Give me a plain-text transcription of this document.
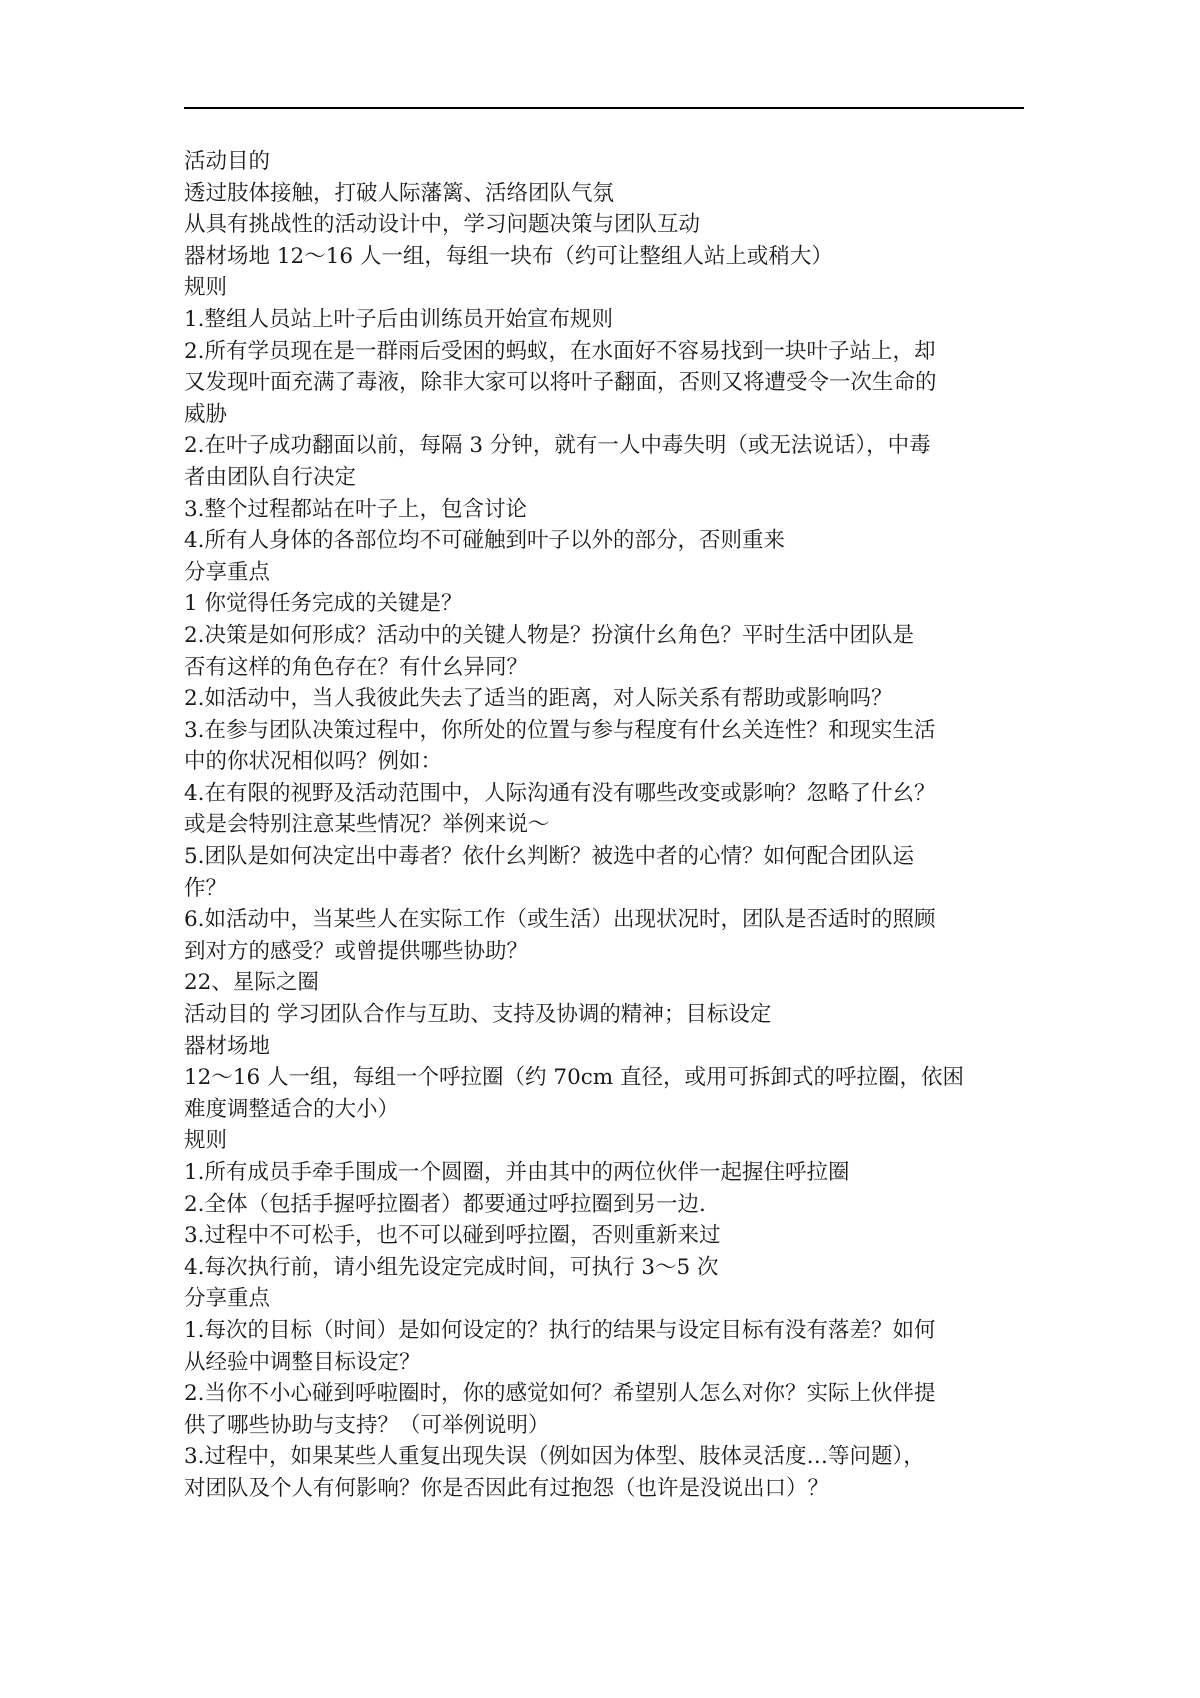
活动目的
透过肢体接触，打破人际藩篱、活络团队气氛
从具有挑战性的活动设计中，学习问题决策与团队互动
器材场地 12～16 人一组，每组一块布（约可让整组人站上或稍大）
规则
1.整组人员站上叶子后由训练员开始宣布规则
2.所有学员现在是一群雨后受困的蚂蚁，在水面好不容易找到一块叶子站上，却
又发现叶面充满了毒液，除非大家可以将叶子翻面，否则又将遭受令一次生命的
威胁
2.在叶子成功翻面以前，每隔 3 分钟，就有一人中毒失明（或无法说话），中毒
者由团队自行决定
3.整个过程都站在叶子上，包含讨论
4.所有人身体的各部位均不可碰触到叶子以外的部分，否则重来
分享重点
1 你觉得任务完成的关键是？
2.决策是如何形成？活动中的关键人物是？扮演什幺角色？平时生活中团队是
否有这样的角色存在？有什幺异同？
2.如活动中，当人我彼此失去了适当的距离，对人际关系有帮助或影响吗？
3.在参与团队决策过程中，你所处的位置与参与程度有什幺关连性？和现实生活
中的你状况相似吗？例如：
4.在有限的视野及活动范围中，人际沟通有没有哪些改变或影响？忽略了什幺？
或是会特别注意某些情况？举例来说～
5.团队是如何决定出中毒者？依什幺判断？被选中者的心情？如何配合团队运
作？
6.如活动中，当某些人在实际工作（或生活）出现状况时，团队是否适时的照顾
到对方的感受？或曾提供哪些协助？
22、星际之圈
活动目的 学习团队合作与互助、支持及协调的精神；目标设定
器材场地
12～16 人一组，每组一个呼拉圈（约 70cm 直径，或用可拆卸式的呼拉圈，依困
难度调整适合的大小）
规则
1.所有成员手牵手围成一个圆圈，并由其中的两位伙伴一起握住呼拉圈
2.全体（包括手握呼拉圈者）都要通过呼拉圈到另一边.
3.过程中不可松手，也不可以碰到呼拉圈，否则重新来过
4.每次执行前，请小组先设定完成时间，可执行 3～5 次
分享重点
1.每次的目标（时间）是如何设定的？执行的结果与设定目标有没有落差？如何
从经验中调整目标设定？
2.当你不小心碰到呼啦圈时，你的感觉如何？希望别人怎么对你？实际上伙伴提
供了哪些协助与支持？（可举例说明）
3.过程中，如果某些人重复出现失误（例如因为体型、肢体灵活度…等问题），
对团队及个人有何影响？你是否因此有过抱怨（也许是没说出口）？
